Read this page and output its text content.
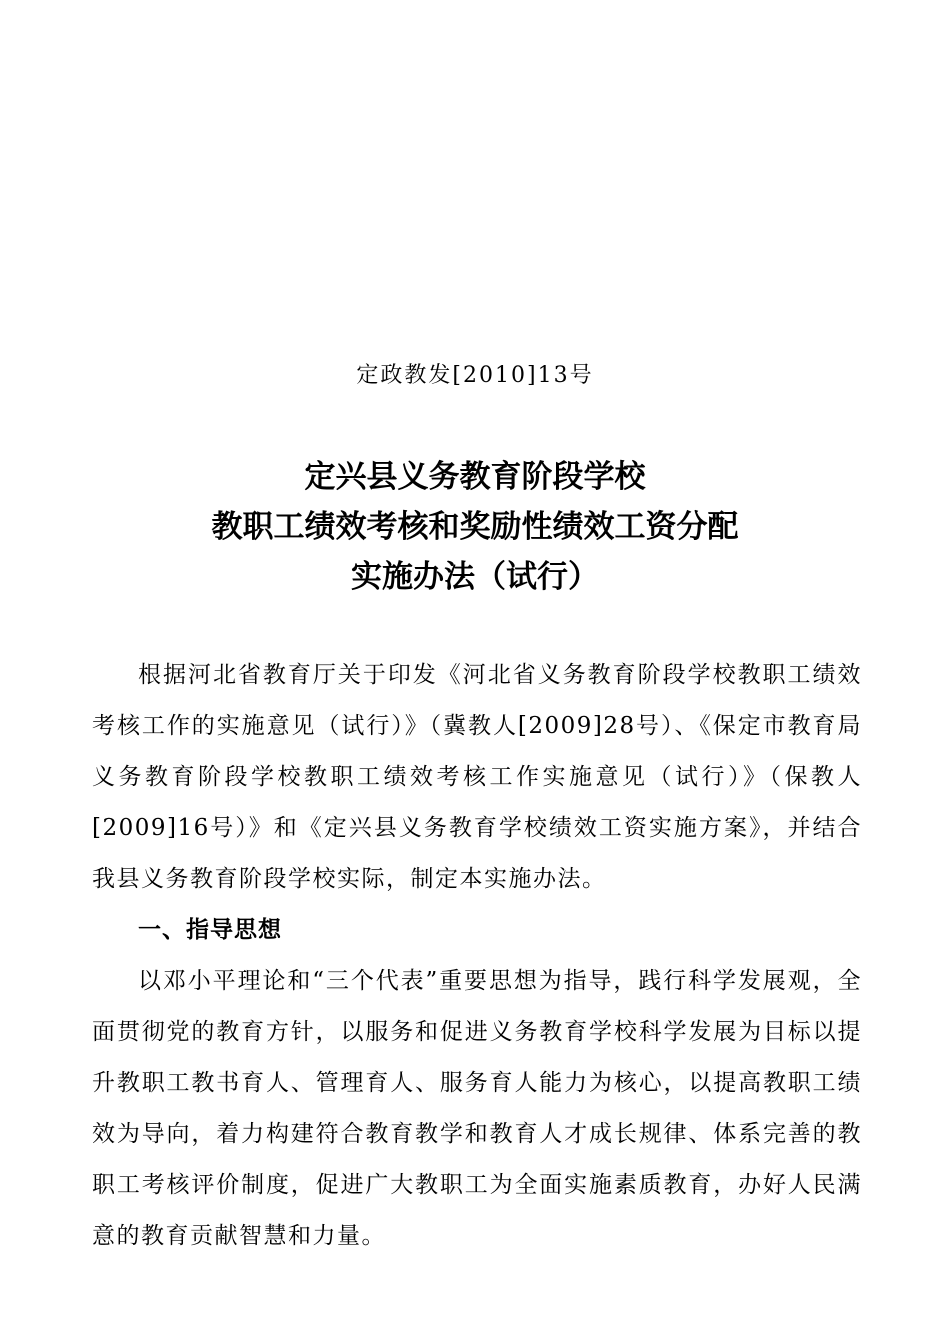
定政教发[2010]13号
定兴县义务教育阶段学校
教职工绩效考核和奖励性绩效工资分配
实施办法（试行）

根据河北省教育厅关于印发《河北省义务教育阶段学校教职工绩效考核工作的实施意见（试行）》（冀教人[2009]28号）、《保定市教育局义务教育阶段学校教职工绩效考核工作实施意见（试行）》（保教人[2009]16号）》和《定兴县义务教育学校绩效工资实施方案》，并结合我县义务教育阶段学校实际，制定本实施办法。

一、指导思想

以邓小平理论和“三个代表”重要思想为指导，践行科学发展观，全面贯彻党的教育方针，以服务和促进义务教育学校科学发展为目标以提升教职工教书育人、管理育人、服务育人能力为核心，以提高教职工绩效为导向，着力构建符合教育教学和教育人才成长规律、体系完善的教职工考核评价制度，促进广大教职工为全面实施素质教育，办好人民满意的教育贡献智慧和力量。
